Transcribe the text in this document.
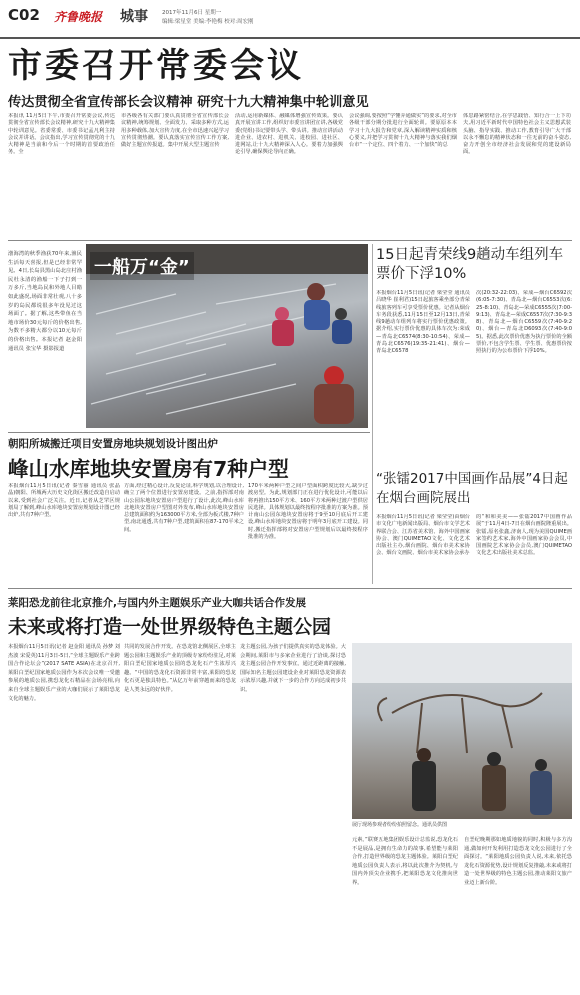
C02 齐鲁晚报 城事	2017年11月6日 星期一
编辑:梁星堂 美编:李艳梅 校对:周宏刚
市委召开常委会议
传达贯彻全省宣传部长会议精神 研究十九大精神集中轮训意见
本报讯 11月5日下午,市委召开常委会议,传达贯彻全省宣传部长会议精神,研究十九大精神集中轮训意见。省委常委、市委书记孟凡利主持会议并讲话。会议指出,学习宣传贯彻党的十九大精神是当前和今后一个时期的首要政治任务。全
市各级各有关部门要认真贯彻全省宣传部长会议精神,统筹规划、全面发力、采取多种方式,运用多种载体,加大宣传力度,在全市迅速兴起学习宣传贯彻热潮。要认真落实宣传宣传工作方案,做好主题宣传报道。集中开展大型主题宣传
活动,运用新媒体、融媒体增强宣传效果。要认真开展宣讲工作,组织好市委宣讲团宣讲,各级党委(党组)书记要带头学、带头讲。推动宣讲活动进企业、进农村、进机关、进校园、进社区、进网站,让十九大精神深入人心。要着力加强舆论引导,确保舆论导向正确。
会议强调,要按照“学懂弄通做实”的要求,对全市各级干部分期分批进行全面轮训。要原原本本学习十九大报告和党章,深入解读精神实质和核心要义,并把学习贯彻十九大精神与落实我们烟台市“一个定位、四个着力、一个加快”的总
体思路紧密结合,在学思践悟、知行合一上下功夫,用习近平新时代中国特色社会主义思想武装头脑、指导实践、推动工作,教育引导广大干部以永不懈怠的精神状态和一往无前的奋斗姿态,奋力开创全市经济社会发展和党的建设新局面。
一船万“金”
渤海湾的秋季渔获70年来,渔民生活每天喜报,但是已经非常罕见。4日,长岛县黑山岛北庄村渔民杜永清的渔船一下子打到一万多斤,当地岛民和外地人目睹如此盛况,场面非常壮观,八十多岁的岛民都说很多年没见过这场面了。据了解,这些带鱼在当地市场价30元每斤的价格出售,为数不多精大都分以10元每斤的价格出售。本报记者 赵金阳 通讯员 张宝华 摄影报道
15日起青荣线9趟动车组列车票价下浮10%
本报烟台11月5日讯(记者 梁莹莹 通讯员 吕晓华 崔利君)15日起旅客乘坐部分青荣线旅客列车可享受票价优惠。记者从烟台车务段获悉,11月15日至12月13日,青荣线9趟动车组列车将实行票价优惠政策。据介绍,实行票价优惠的具体车次为:荣成—青岛北C6574(8:30-10:54)、荣成—青岛北C6576(19:35-21:41)、烟台—青岛北C6578
次(20:32-22:03)、荣成—烟台C6592次(6:05-7:30)、青岛北—烟台C6553次(6:25-8:10)、青岛北—荣成C6555次(7:00-9:13)、青岛北—荣成C6557次(7:30-9:38)、青岛北—烟台C6559次(7:40-9:20)、烟台—青岛北D6093次(7:40-9:05)。据悉,此次票价优惠为执行票价的全额票价,不包含学生票、学生票、优惠票价按照执行的为公布票价下浮10%。
朝阳所城搬迁项目安置房地块规划设计图出炉
峰山水库地块安置房有7种户型
本报烟台11月5日讯(记者 秦雪丽 通讯员 张晶晶)朝阳、所城两大历史文化街区搬迁改造自启动以来,受到社会广泛关注。近日,记者从芝罘区规划局了解到,峰山水库地块安置房规划设计图已经出炉,共有7种户型。
方面,经过精心设计,反复论证,科学规划,以合理设计,确立了两个位置进行安置房建设。之前,指挥部对南山公园东地块安置房户型进行了设计,此次,峰山水库北地块安置房户型图对外发布,峰山水库地块安置房总建筑面积约为163000平方米,全部为板式楼,7种户型,南北通透,共有7种户型,建筑面积在87-170平米之间。
170平米两种户型之间户型面积跨度比较大,缺少过渡房型。为此,规划部门正在进行优化设计,可能以后将再推出150平方米、160平方米两种过渡户型供居民选择。具体规划以最终按程序批准的方案为准。预计南山公园东地块安置房将于9至10月底后开工建设,峰山水库地块安置房将于明年3月底开工建设。同时,搬迁指挥部将对安置房户型规划后以最终按程序批准的为准。
“张镭2017中国画作品展”4日起在烟台画院展出
本报烟台11月5日讯(记者 梁莹莹)由烟台市文化广电新闻出版局、烟台市文学艺术界联合会、江苏省美术馆、海外中国画家协会、澳门QUIMETAO文化、文化艺术出版社主办,烟台画院、烟台市美术家协会、烟台文画院、烟台市美术家协会承办
的“和和美美——张镭2017中国画作品展”于11月4日-7日在烟台画院隆重展出。张镭,原名张鑫,济南人,现为美国QUIME画家签约艺术家,海外中国画家协会会员,中国画院艺术家协会会员,澳门QUIMETAO文化艺术出版社美术总监。
莱阳恐龙前往北京推介,与国内外主题娱乐产业大咖共话合作发展
未来或将打造一处世界级特色主题公园
本报烟台11月5日讯(记者 赵金阳 通讯员 孙梦 刘杰波 宋爱英)11月3日-5日,“全球主题娱乐产业跨国合作论坛会”(2017 SATE ASIA)在北京召开,莱阳白垩纪国家地质公园作为本次会议唯一受邀参展的地质公园,携恐龙化石精品在会场亮相,向来自全球主题娱乐产业的大咖们展示了莱阳恐龙文化的魅力。
共同的发展合作开发。在恐龙馆北侧展区,全球主题公园和主题娱乐产业的顶级专家纷纷驻足,对莱阳白垩纪国家地质公园的恐龙化石产生浓厚兴趣。“中国的恐龙化石资源非常丰富,莱阳的恐龙化石更是独具特色。”从亿万年前穿越而来的恐龙是人类永远的好伙伴。
龙主题公园,为孩子们提供真实的恐龙体验。大会期间,莱阳市与多家企业进行了洽谈,探讨恐龙主题公园合作开发事宜。通过近距离的接触,国际知名主题公园建设企业对莱阳恐龙资源表示浓厚兴趣,并就下一步的合作方向达成初步共识。
展厅现场参观者纷纷拍照留念。通讯员供图
元素。”联赛五地集团娱乐设计总监说,恐龙化石不是展品,是拥有生命力的故事,希望能与莱阳合作,打造世界级的恐龙主题体验。莱阳白垩纪地质公园负责人表示,将以此次推介为契机,与国内外顶尖企业携手,把莱阳恐龙文化推向世界。
自垩纪晚期那如地质地貌的同时,积极与多方沟通,做如何开发利用打造恐龙文化公园进行了全面探讨。“莱阳地质公园负责人说,未来,依托恐龙化石资源优势,设计规划反复推敲,未来或将打造一处世界级的特色主题公园,推动莱阳文旅产业迈上新台阶。
